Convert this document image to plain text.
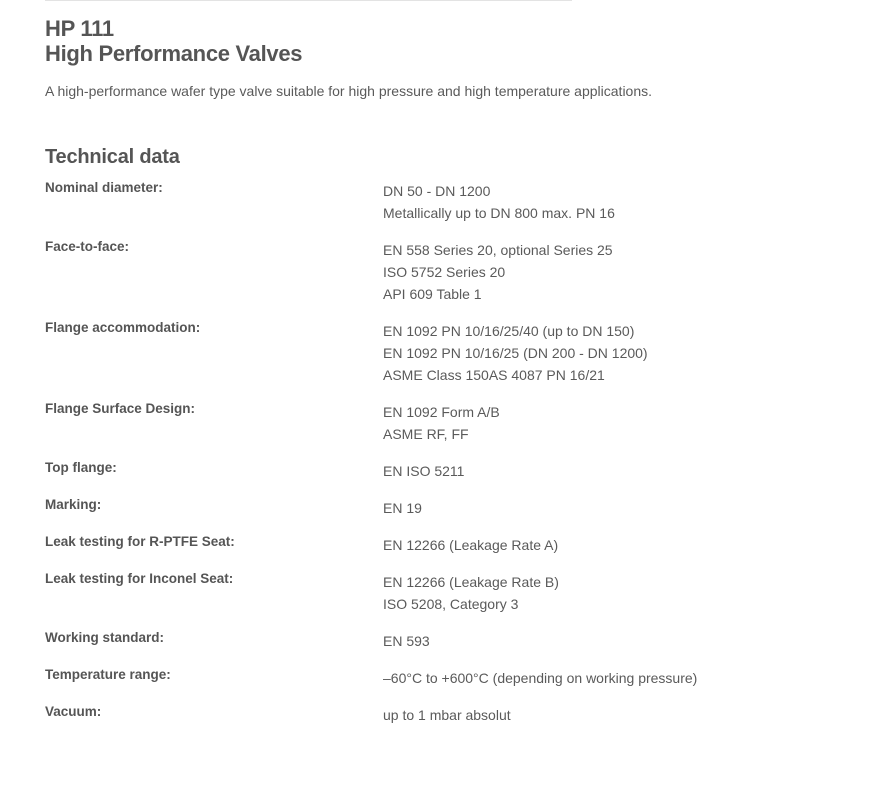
HP 111
High Performance Valves
A high-performance wafer type valve suitable for high pressure and high temperature applications.
Technical data
Nominal diameter:	DN 50 - DN 1200
Metallically up to DN 800 max. PN 16
Face-to-face:	EN 558 Series 20, optional Series 25
ISO 5752 Series 20
API 609 Table 1
Flange accommodation:	EN 1092 PN 10/16/25/40 (up to DN 150)
EN 1092 PN 10/16/25 (DN 200 - DN 1200)
ASME Class 150AS 4087 PN 16/21
Flange Surface Design:	EN 1092 Form A/B
ASME RF, FF
Top flange:	EN ISO 5211
Marking:	EN 19
Leak testing for R-PTFE Seat:	EN 12266 (Leakage Rate A)
Leak testing for Inconel Seat:	EN 12266 (Leakage Rate B)
ISO 5208, Category 3
Working standard:	EN 593
Temperature range:	–60°C to +600°C (depending on working pressure)
Vacuum:	up to 1 mbar absolut
